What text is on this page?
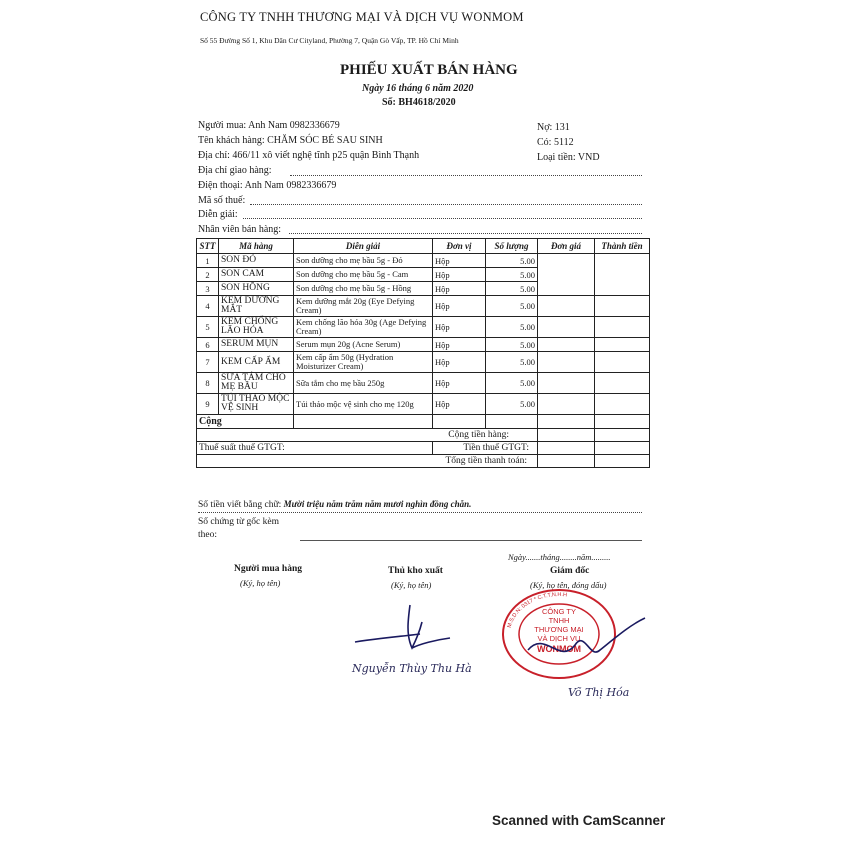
CÔNG TY TNHH THƯƠNG MẠI VÀ DỊCH VỤ WONMOM
Số 55 Đường Số 1, Khu Dân Cư Cityland, Phường 7, Quận Gò Vấp, TP. Hồ Chí Minh
PHIẾU XUẤT BÁN HÀNG
Ngày 16 tháng 6 năm 2020
Số: BH4618/2020
Người mua: Anh Nam 0982336679
Tên khách hàng: CHĂM SÓC BÉ SAU SINH
Địa chỉ: 466/11 xô viết nghệ tĩnh p25 quận Bình Thạnh
Địa chỉ giao hàng:
Điện thoại: Anh Nam 0982336679
Mã số thuế:
Diễn giải:
Nhân viên bán hàng:
Nợ: 131
Có: 5112
Loại tiền: VND
STT	Mã hàng	Diễn giải	Đơn vị	Số lượng	Đơn giá	Thành tiền
1	SON ĐỎ	Son dưỡng cho mẹ bầu 5g - Đỏ	Hộp	5.00		
2	SON CAM	Son dưỡng cho mẹ bầu 5g - Cam	Hộp	5.00		
3	SON HỒNG	Son dưỡng cho mẹ bầu 5g - Hồng	Hộp	5.00		
4	KEM DƯỠNG MẮT	Kem dưỡng mắt 20g (Eye Defying Cream)	Hộp	5.00		
5	KEM CHỐNG LÃO HÓA	Kem chống lão hóa 30g (Age Defying Cream)	Hộp	5.00		
6	SERUM MỤN	Serum mụn 20g (Acne Serum)	Hộp	5.00		
7	KEM CẤP ẨM	Kem cấp ẩm 50g (Hydration Moisturizer Cream)	Hộp	5.00		
8	SỮA TẮM CHO MẸ BẦU	Sữa tắm cho mẹ bầu 250g	Hộp	5.00		
9	TÚI THẢO MỘC VỆ SINH	Túi thảo mộc vệ sinh cho mẹ 120g	Hộp	5.00		
Cộng						
Cộng tiền hàng:						
Thuế suất thuế GTGT:			Tiền thuế GTGT:			
Tổng tiền thanh toán:						
Số tiền viết bằng chữ: Mười triệu năm trăm năm mươi nghìn đồng chẵn.
Số chứng từ gốc kèm
theo:
Ngày.......tháng........năm.........
Người mua hàng
(Ký, họ tên)
Thủ kho xuất
(Ký, họ tên)
Giám đốc
(Ký, họ tên, đóng dấu)
Nguyễn Thùy Thu Hà
CÔNG TY
TNHH
THƯƠNG MẠI
VÀ DỊCH VỤ
WONMOM
M.S.D.N: 0317 * C.T.T.N.H.H
Võ Thị Hóa
Scanned with CamScanner
